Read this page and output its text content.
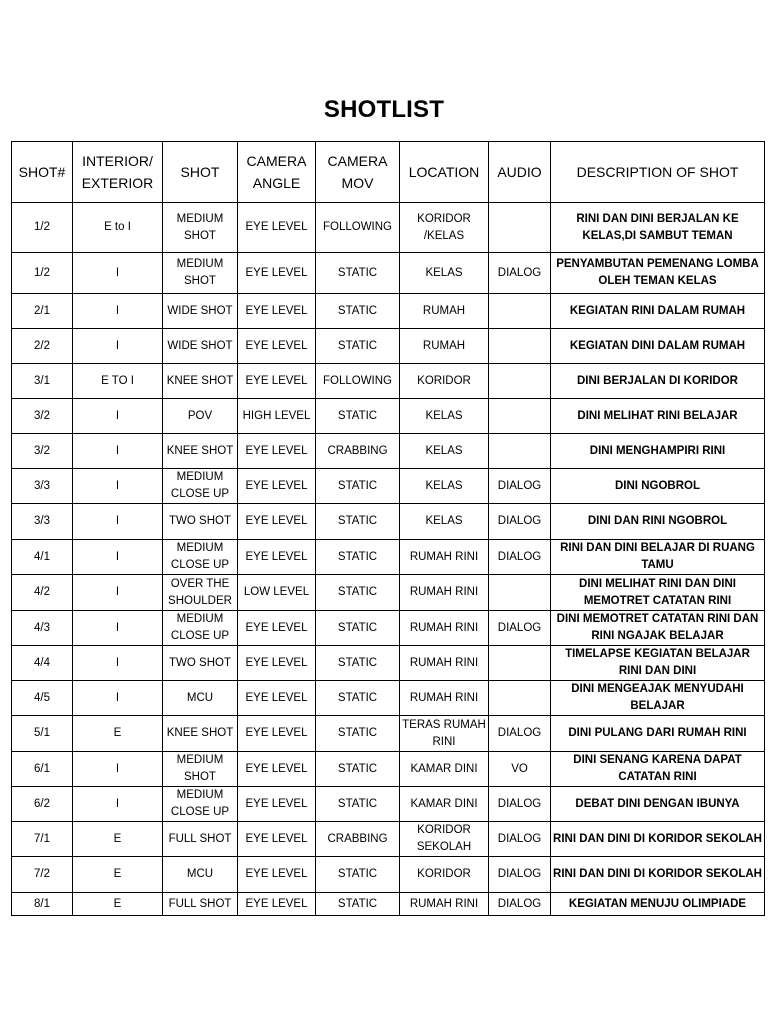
SHOTLIST
SHOT#	INTERIOR/ EXTERIOR	SHOT	CAMERA ANGLE	CAMERA MOV	LOCATION	AUDIO	DESCRIPTION OF SHOT
1/2	E to I	MEDIUM SHOT	EYE LEVEL	FOLLOWING	KORIDOR /KELAS		RINI DAN DINI BERJALAN KE KELAS,DI SAMBUT TEMAN
1/2	I	MEDIUM SHOT	EYE LEVEL	STATIC	KELAS	DIALOG	PENYAMBUTAN PEMENANG LOMBA OLEH TEMAN KELAS
2/1	I	WIDE SHOT	EYE LEVEL	STATIC	RUMAH		KEGIATAN RINI DALAM RUMAH
2/2	I	WIDE SHOT	EYE LEVEL	STATIC	RUMAH		KEGIATAN DINI DALAM RUMAH
3/1	E TO I	KNEE SHOT	EYE LEVEL	FOLLOWING	KORIDOR		DINI BERJALAN DI KORIDOR
3/2	I	POV	HIGH LEVEL	STATIC	KELAS		DINI MELIHAT RINI BELAJAR
3/2	I	KNEE SHOT	EYE LEVEL	CRABBING	KELAS		DINI MENGHAMPIRI RINI
3/3	I	MEDIUM CLOSE UP	EYE LEVEL	STATIC	KELAS	DIALOG	DINI NGOBROL
3/3	I	TWO SHOT	EYE LEVEL	STATIC	KELAS	DIALOG	DINI DAN RINI NGOBROL
4/1	I	MEDIUM CLOSE UP	EYE LEVEL	STATIC	RUMAH RINI	DIALOG	RINI DAN DINI BELAJAR DI RUANG TAMU
4/2	I	OVER THE SHOULDER	LOW LEVEL	STATIC	RUMAH RINI		DINI MELIHAT RINI DAN DINI MEMOTRET CATATAN RINI
4/3	I	MEDIUM CLOSE UP	EYE LEVEL	STATIC	RUMAH RINI	DIALOG	DINI MEMOTRET CATATAN RINI DAN RINI NGAJAK BELAJAR
4/4	I	TWO SHOT	EYE LEVEL	STATIC	RUMAH RINI		TIMELAPSE KEGIATAN BELAJAR RINI DAN DINI
4/5	I	MCU	EYE LEVEL	STATIC	RUMAH RINI		DINI MENGEAJAK MENYUDAHI BELAJAR
5/1	E	KNEE SHOT	EYE LEVEL	STATIC	TERAS RUMAH RINI	DIALOG	DINI PULANG DARI RUMAH RINI
6/1	I	MEDIUM SHOT	EYE LEVEL	STATIC	KAMAR DINI	VO	DINI SENANG KARENA DAPAT CATATAN RINI
6/2	I	MEDIUM CLOSE UP	EYE LEVEL	STATIC	KAMAR DINI	DIALOG	DEBAT DINI DENGAN IBUNYA
7/1	E	FULL SHOT	EYE LEVEL	CRABBING	KORIDOR SEKOLAH	DIALOG	RINI DAN DINI DI KORIDOR SEKOLAH
7/2	E	MCU	EYE LEVEL	STATIC	KORIDOR	DIALOG	RINI DAN DINI DI KORIDOR SEKOLAH
8/1	E	FULL SHOT	EYE LEVEL	STATIC	RUMAH RINI	DIALOG	KEGIATAN MENUJU OLIMPIADE
